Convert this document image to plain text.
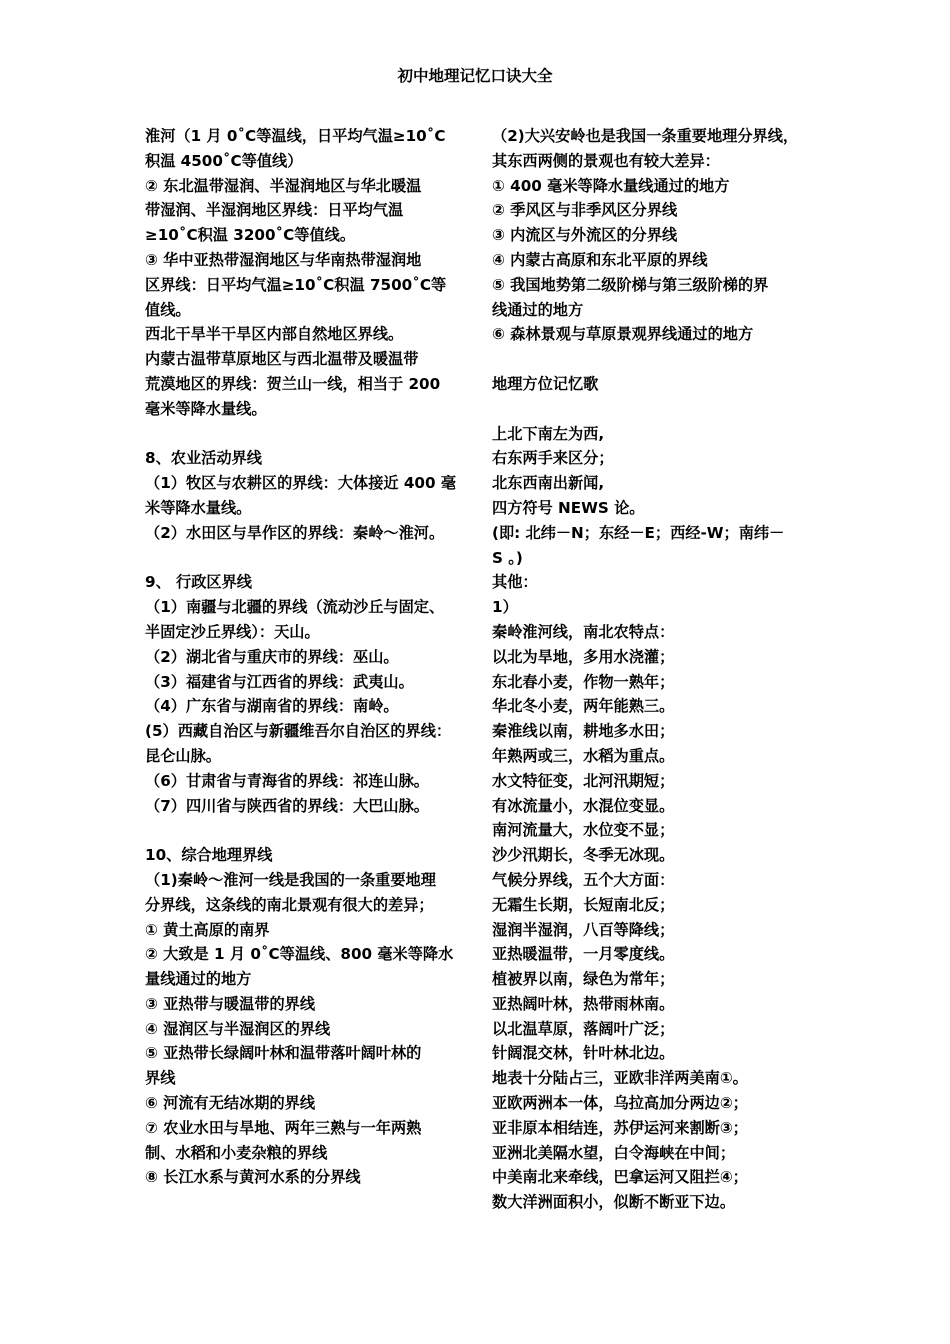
初中地理记忆口诀大全
淮河（1 月 0˚C等温线，日平均气温≥10˚C
积温 4500˚C等值线）
② 东北温带湿润、半湿润地区与华北暖温
带湿润、半湿润地区界线：日平均气温
≥10˚C积温 3200˚C等值线。
③ 华中亚热带湿润地区与华南热带湿润地
区界线：日平均气温≥10˚C积温 7500˚C等
值线。
西北干旱半干旱区内部自然地区界线。
内蒙古温带草原地区与西北温带及暖温带
荒漠地区的界线：贺兰山一线，相当于 200
毫米等降水量线。
8、农业活动界线
（1）牧区与农耕区的界线：大体接近 400 毫
米等降水量线。
（2）水田区与旱作区的界线：秦岭～淮河。
9、 行政区界线
（1）南疆与北疆的界线（流动沙丘与固定、
半固定沙丘界线）：天山。
（2）湖北省与重庆市的界线：巫山。
（3）福建省与江西省的界线：武夷山。
（4）广东省与湖南省的界线：南岭。
(5）西藏自治区与新疆维吾尔自治区的界线：
昆仑山脉。
（6）甘肃省与青海省的界线：祁连山脉。
（7）四川省与陕西省的界线：大巴山脉。
10、综合地理界线
（1)秦岭～淮河一线是我国的一条重要地理
分界线，这条线的南北景观有很大的差异；
① 黄土高原的南界
② 大致是 1 月 0˚C等温线、800 毫米等降水
量线通过的地方
③ 亚热带与暖温带的界线
④ 湿润区与半湿润区的界线
⑤ 亚热带长绿阔叶林和温带落叶阔叶林的
界线
⑥ 河流有无结冰期的界线
⑦ 农业水田与旱地、两年三熟与一年两熟
制、水稻和小麦杂粮的界线
⑧ 长江水系与黄河水系的分界线
（2)大兴安岭也是我国一条重要地理分界线，
其东西两侧的景观也有较大差异：
① 400 毫米等降水量线通过的地方
② 季风区与非季风区分界线
③ 内流区与外流区的分界线
④ 内蒙古高原和东北平原的界线
⑤ 我国地势第二级阶梯与第三级阶梯的界
线通过的地方
⑥ 森林景观与草原景观界线通过的地方
地理方位记忆歌
上北下南左为西,
右东两手来区分；
北东西南出新闻,
四方符号 NEWS 论。
(即: 北纬－N；东经－E；西经-W；南纬－
S 。)
其他：
1）
秦岭淮河线，南北农特点：
以北为旱地，多用水浇灌；
东北春小麦，作物一熟年；
华北冬小麦，两年能熟三。
秦淮线以南，耕地多水田；
年熟两或三，水稻为重点。
水文特征变，北河汛期短；
有冰流量小，水混位变显。
南河流量大，水位变不显；
沙少汛期长，冬季无冰现。
气候分界线，五个大方面：
无霜生长期，长短南北反；
湿润半湿润，八百等降线；
亚热暖温带，一月零度线。
植被界以南，绿色为常年；
亚热阔叶林，热带雨林南。
以北温草原，落阔叶广泛；
针阔混交林，针叶林北边。
地表十分陆占三，亚欧非洋两美南①。
亚欧两洲本一体，乌拉高加分两边②；
亚非原本相结连，苏伊运河来割断③；
亚洲北美隔水望，白令海峡在中间；
中美南北来牵线，巴拿运河又阻拦④；
数大洋洲面积小，似断不断亚下边。
